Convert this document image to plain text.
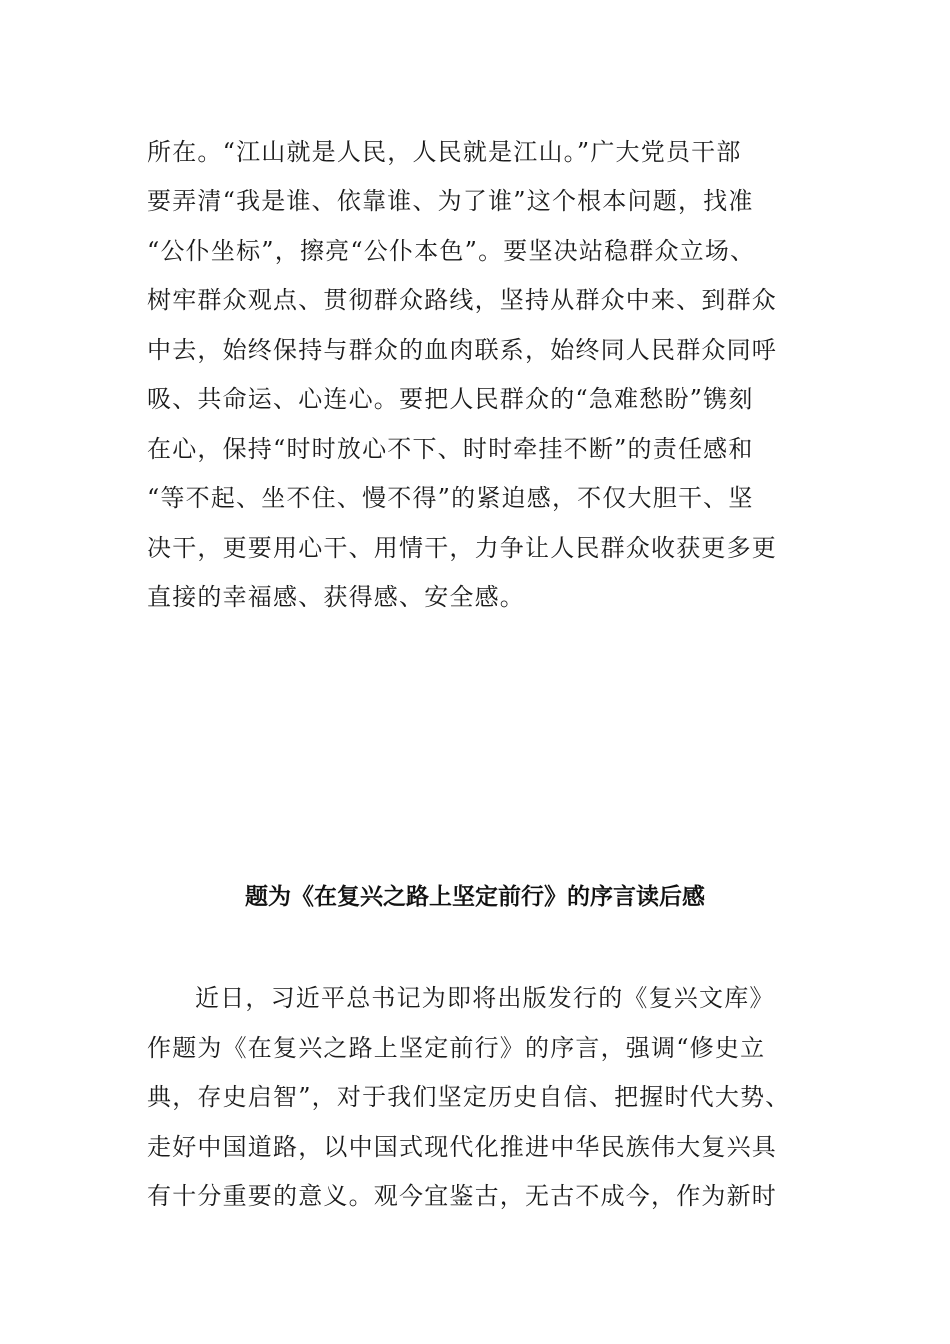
所在。“江山就是人民，人民就是江山。”广大党员干部
要弄清“我是谁、依靠谁、为了谁”这个根本问题，找准
“公仆坐标”，擦亮“公仆本色”。要坚决站稳群众立场、
树牢群众观点、贯彻群众路线，坚持从群众中来、到群众
中去，始终保持与群众的血肉联系，始终同人民群众同呼
吸、共命运、心连心。要把人民群众的“急难愁盼”镌刻
在心，保持“时时放心不下、时时牵挂不断”的责任感和
“等不起、坐不住、慢不得”的紧迫感，不仅大胆干、坚
决干，更要用心干、用情干，力争让人民群众收获更多更
直接的幸福感、获得感、安全感。
题为《在复兴之路上坚定前行》的序言读后感
近日，习近平总书记为即将出版发行的《复兴文库》
作题为《在复兴之路上坚定前行》的序言，强调“修史立
典，存史启智”，对于我们坚定历史自信、把握时代大势、
走好中国道路，以中国式现代化推进中华民族伟大复兴具
有十分重要的意义。观今宜鉴古，无古不成今，作为新时
